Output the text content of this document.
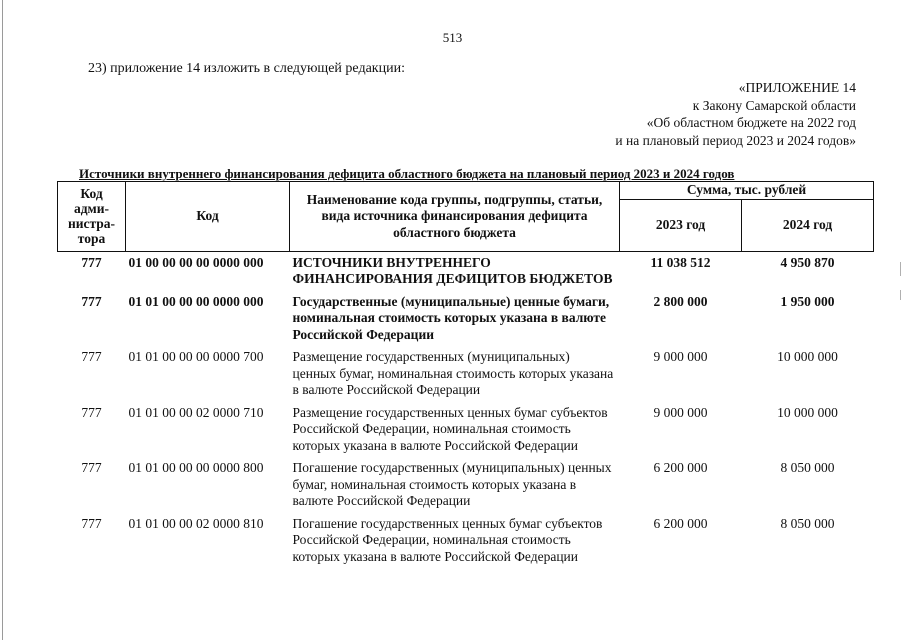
513
23) приложение 14 изложить в следующей редакции:
«ПРИЛОЖЕНИЕ 14
к Закону Самарской области
«Об областном бюджете на 2022 год
и на плановый период 2023 и 2024 годов»
Источники внутреннего финансирования дефицита областного бюджета на плановый период 2023 и 2024 годов
Код
адми-
нистра-
тора	Код	Наименование кода группы, подгруппы, статьи, вида источника финансирования дефицита областного бюджета	Сумма, тыс. рублей	
			2023 год	2024 год
777	01 00 00 00 00 0000 000	ИСТОЧНИКИ ВНУТРЕННЕГО ФИНАНСИРОВАНИЯ ДЕФИЦИТОВ БЮДЖЕТОВ	11 038 512	4 950 870
777	01 01 00 00 00 0000 000	Государственные (муниципальные) ценные бумаги, номинальная стоимость которых указана в валюте Российской Федерации	2 800 000	1 950 000
777	01 01 00 00 00 0000 700	Размещение государственных (муниципальных) ценных бумаг, номинальная стоимость которых указана в валюте Российской Федерации	9 000 000	10 000 000
777	01 01 00 00 02 0000 710	Размещение государственных ценных бумаг субъектов Российской Федерации, номинальная стоимость которых указана в валюте Российской Федерации	9 000 000	10 000 000
777	01 01 00 00 00 0000 800	Погашение государственных (муниципальных) ценных бумаг, номинальная стоимость которых указана в валюте Российской Федерации	6 200 000	8 050 000
777	01 01 00 00 02 0000 810	Погашение государственных ценных бумаг субъектов Российской Федерации, номинальная стоимость которых указана в валюте Российской Федерации	6 200 000	8 050 000
